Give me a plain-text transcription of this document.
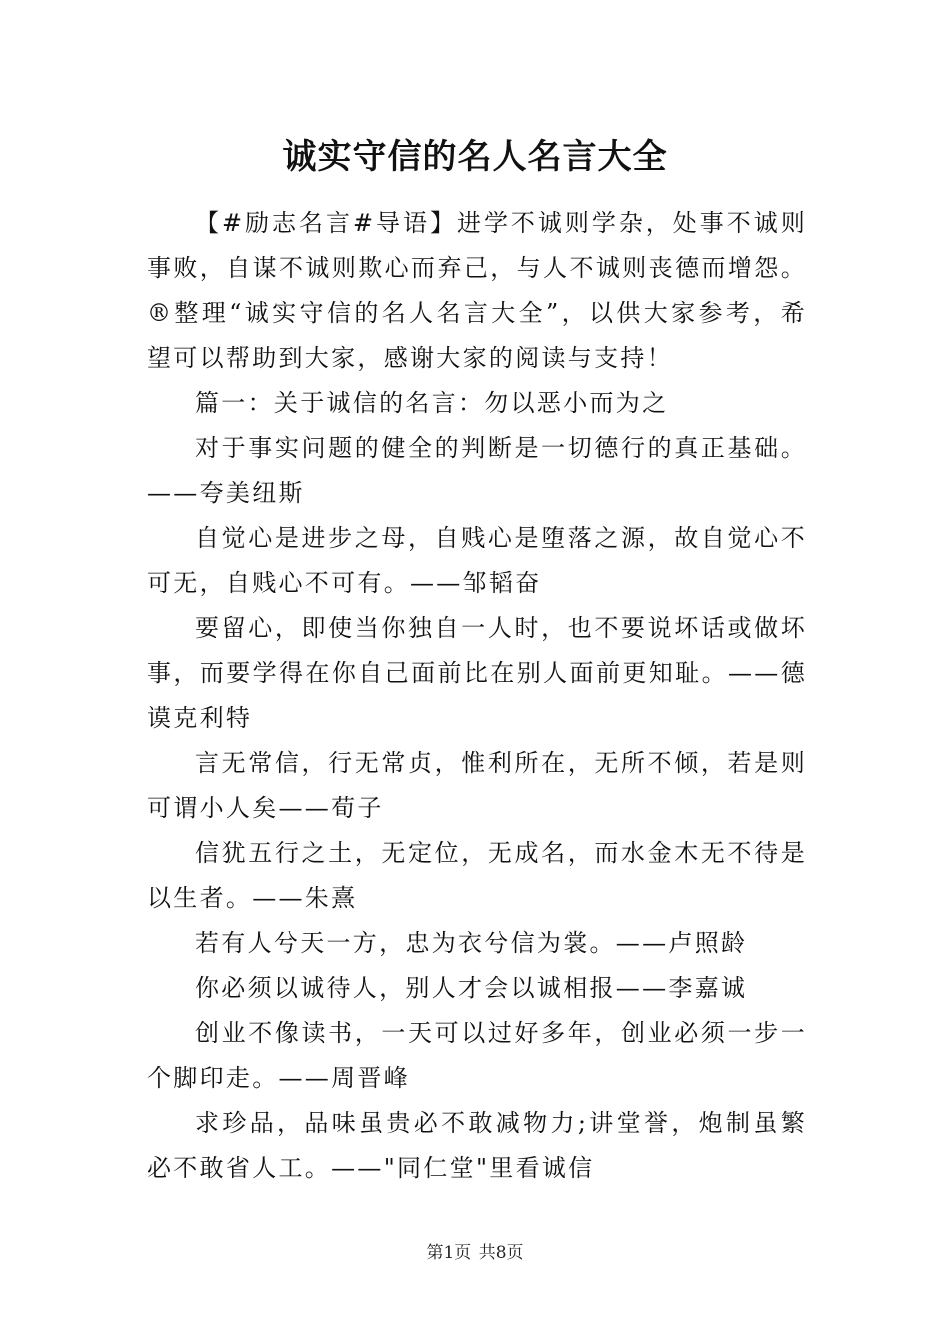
诚实守信的名人名言大全

【#励志名言#导语】进学不诚则学杂，处事不诚则事败，自谋不诚则欺心而弃己，与人不诚则丧德而增怨。®整理“诚实守信的名人名言大全”，以供大家参考，希望可以帮助到大家，感谢大家的阅读与支持！

篇一：关于诚信的名言：勿以恶小而为之

对于事实问题的健全的判断是一切德行的真正基础。——夸美纽斯

自觉心是进步之母，自贱心是堕落之源，故自觉心不可无，自贱心不可有。——邹韬奋

要留心，即使当你独自一人时，也不要说坏话或做坏事，而要学得在你自己面前比在别人面前更知耻。——德谟克利特

言无常信，行无常贞，惟利所在，无所不倾，若是则可谓小人矣——荀子

信犹五行之土，无定位，无成名，而水金木无不待是以生者。——朱熹

若有人兮天一方，忠为衣兮信为裳。——卢照龄

你必须以诚待人，别人才会以诚相报——李嘉诚

创业不像读书，一天可以过好多年，创业必须一步一个脚印走。——周晋峰

求珍品，品味虽贵必不敢减物力;讲堂誉，炮制虽繁必不敢省人工。——"同仁堂"里看诚信

第1页 共8页
